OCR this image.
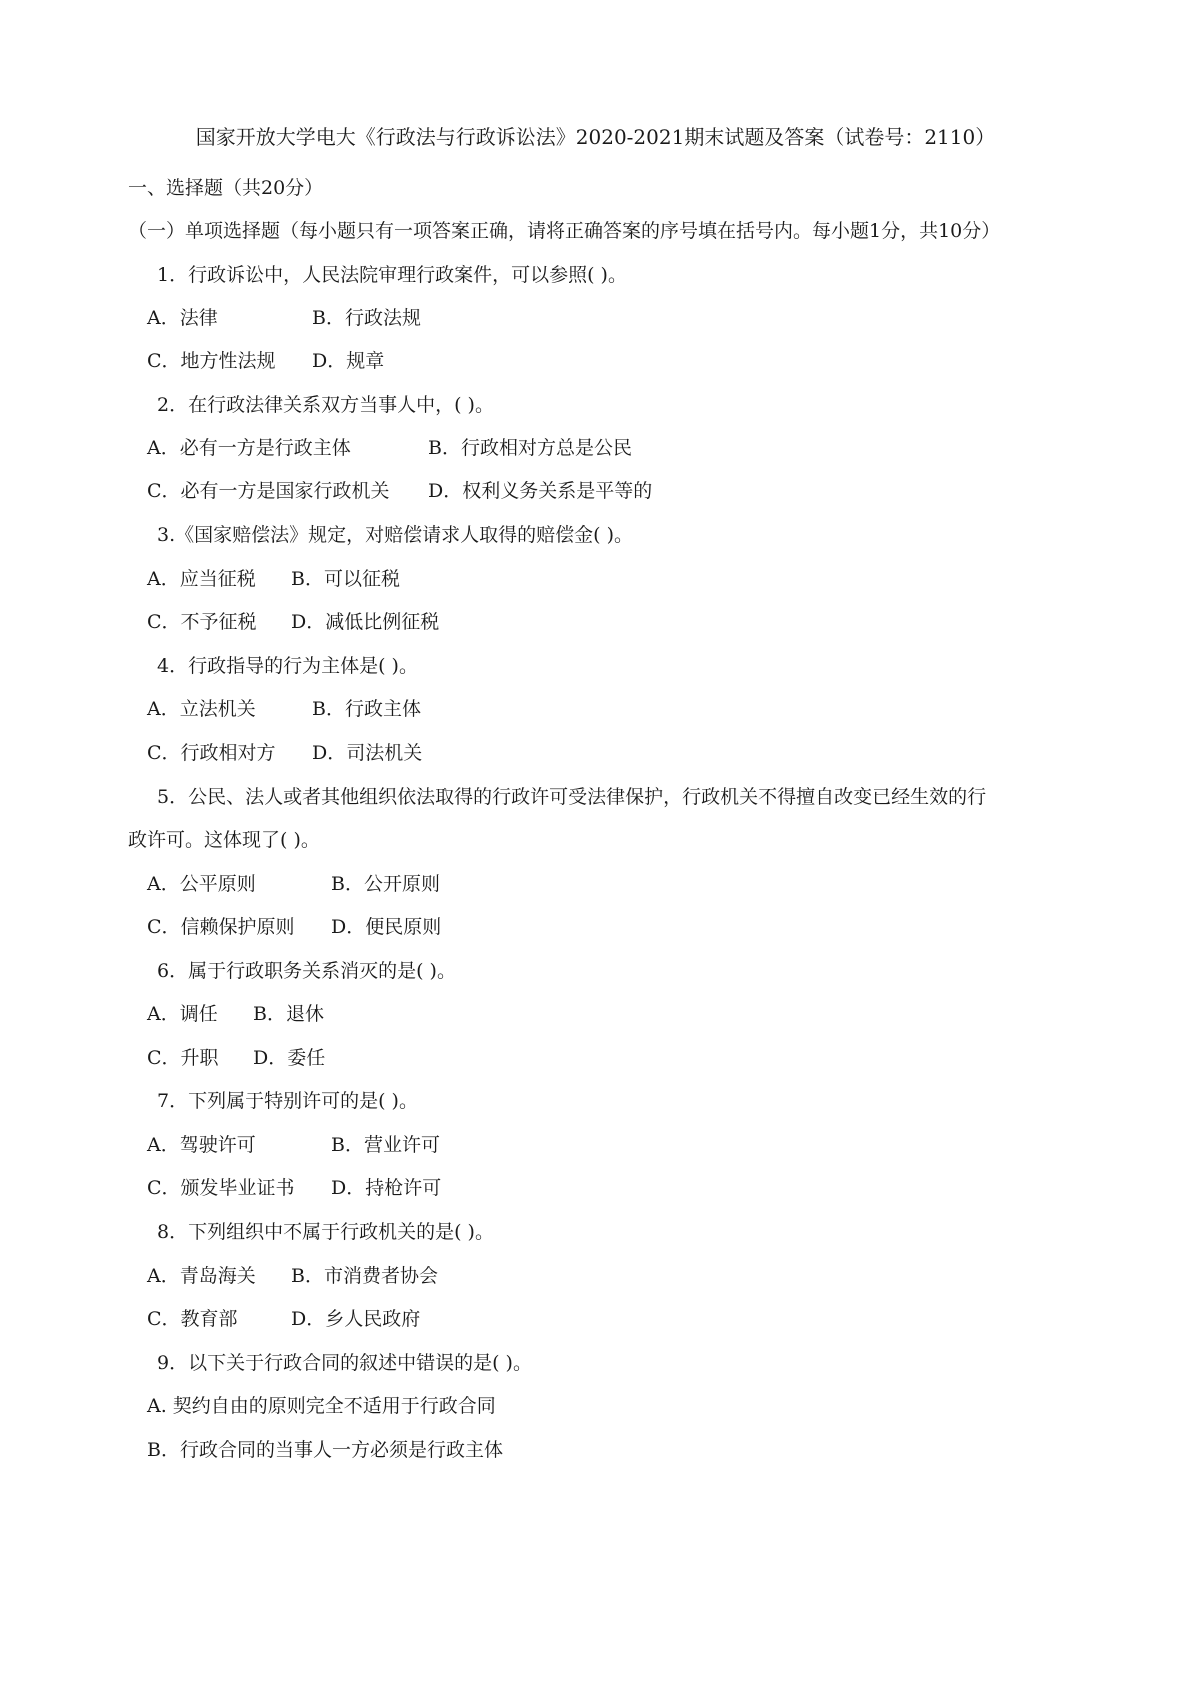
国家开放大学电大《行政法与行政诉讼法》2020-2021期末试题及答案（试卷号：2110）
一、选择题（共20分）
（一）单项选择题（每小题只有一项答案正确，请将正确答案的序号填在括号内。每小题1分，共10分）
1．行政诉讼中，人民法院审理行政案件，可以参照( )。
A．法律	B．行政法规
C．地方性法规 D．规章
2．在行政法律关系双方当事人中，( )。
A．必有一方是行政主体	B．行政相对方总是公民
C．必有一方是国家行政机关 D．权利义务关系是平等的
3.《国家赔偿法》规定，对赔偿请求人取得的赔偿金( )。
A．应当征税 B．可以征税
C．不予征税 D．减低比例征税
4．行政指导的行为主体是( )。
A．立法机关	B．行政主体
C．行政相对方 D．司法机关
5．公民、法人或者其他组织依法取得的行政许可受法律保护，行政机关不得擅自改变已经生效的行
政许可。这体现了( )。
A．公平原则	B．公开原则
C．信赖保护原则 D．便民原则
6．属于行政职务关系消灭的是( )。
A．调任 B．退休
C．升职 D．委任
7．下列属于特别许可的是( )。
A．驾驶许可	B．营业许可
C．颁发毕业证书 D．持枪许可
8．下列组织中不属于行政机关的是( )。
A．青岛海关 B．市消费者协会
C．教育部	D．乡人民政府
9．以下关于行政合同的叙述中错误的是( )。
A. 契约自由的原则完全不适用于行政合同
B．行政合同的当事人一方必须是行政主体
